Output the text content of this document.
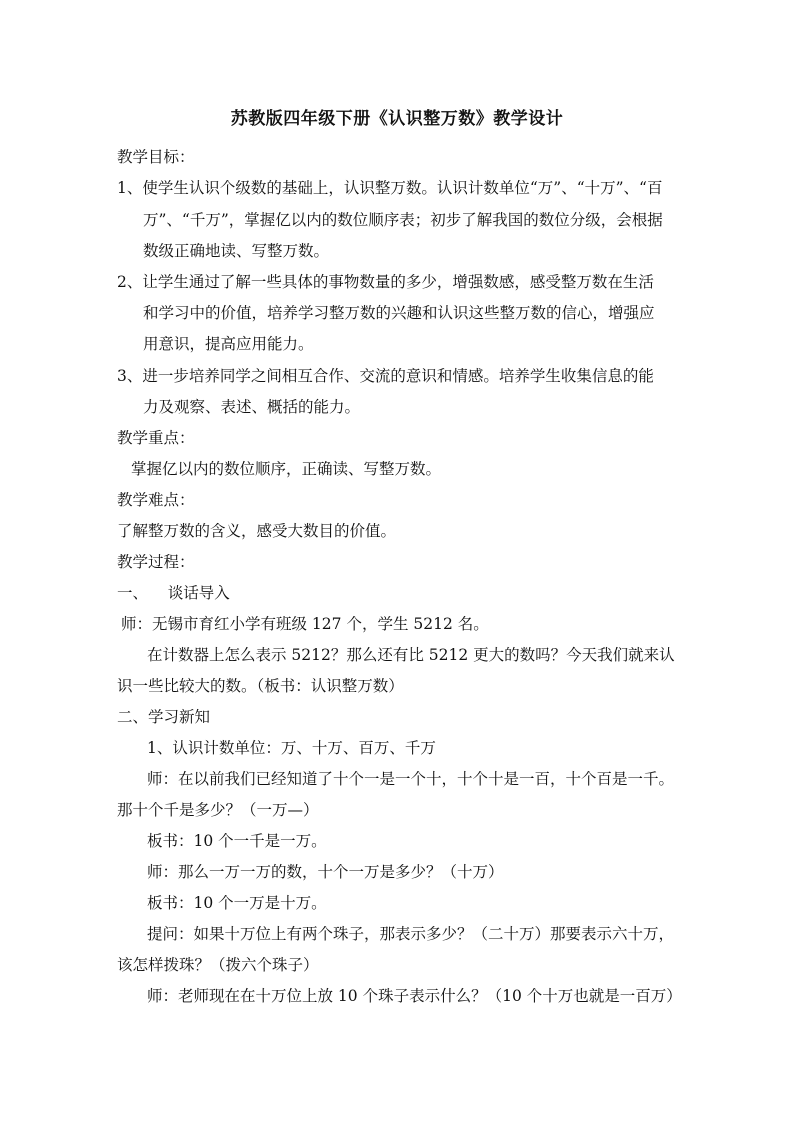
苏教版四年级下册《认识整万数》教学设计
教学目标：
1、使学生认识个级数的基础上，认识整万数。认识计数单位“万”、“十万”、“百
万”、“千万”，掌握亿以内的数位顺序表；初步了解我国的数位分级，会根据
数级正确地读、写整万数。
2、让学生通过了解一些具体的事物数量的多少，增强数感，感受整万数在生活
和学习中的价值，培养学习整万数的兴趣和认识这些整万数的信心，增强应
用意识，提高应用能力。
3、进一步培养同学之间相互合作、交流的意识和情感。培养学生收集信息的能
力及观察、表述、概括的能力。
教学重点：
掌握亿以内的数位顺序，正确读、写整万数。
教学难点：
了解整万数的含义，感受大数目的价值。
教学过程：
一、    谈话导入
师：无锡市育红小学有班级 127 个，学生 5212 名。
在计数器上怎么表示 5212？那么还有比 5212 更大的数吗？今天我们就来认
识一些比较大的数。（板书：认识整万数）
二、学习新知
1、认识计数单位：万、十万、百万、千万
师：在以前我们已经知道了十个一是一个十，十个十是一百，十个百是一千。
那十个千是多少？（一万—）
板书：10 个一千是一万。
师：那么一万一万的数，十个一万是多少？（十万）
板书：10 个一万是十万。
提问：如果十万位上有两个珠子，那表示多少？（二十万）那要表示六十万，
该怎样拨珠？（拨六个珠子）
师：老师现在在十万位上放 10 个珠子表示什么？（10 个十万也就是一百万）
